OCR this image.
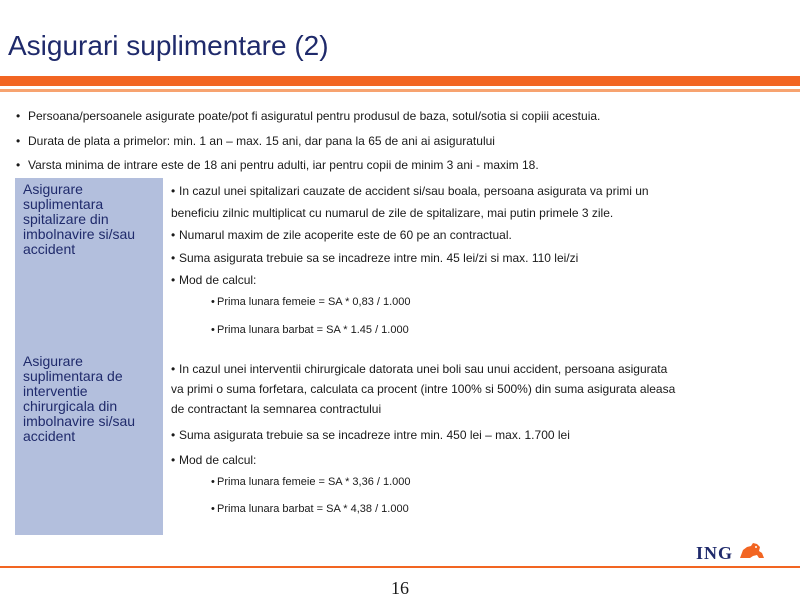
Asigurari suplimentare (2)
• Persoana/persoanele asigurate poate/pot fi asiguratul pentru produsul de baza, sotul/sotia si copiii acestuia.
• Durata de plata a primelor: min. 1 an – max. 15 ani, dar pana la 65 de ani ai asiguratului
• Varsta minima de intrare este de 18 ani pentru adulti, iar pentru copii de minim 3 ani - maxim 18.
Asigurare suplimentara spitalizare din imbolnavire si/sau accident
• In cazul unei spitalizari cauzate de accident si/sau boala, persoana asigurata va primi un
beneficiu zilnic multiplicat cu numarul de zile de spitalizare, mai putin primele 3 zile.
• Numarul maxim de zile acoperite este de 60 pe an contractual.
• Suma asigurata trebuie sa se incadreze intre min. 45 lei/zi si max. 110 lei/zi
• Mod de calcul:
• Prima lunara femeie = SA * 0,83 / 1.000
• Prima lunara barbat = SA * 1.45 / 1.000
Asigurare suplimentara de interventie chirurgicala din imbolnavire si/sau accident
• In cazul unei interventii chirurgicale datorata unei boli sau unui accident, persoana asigurata
va primi o suma forfetara, calculata ca procent (intre 100% si 500%) din suma asigurata aleasa
de contractant la semnarea contractului
• Suma asigurata trebuie sa se incadreze intre min. 450 lei – max. 1.700 lei
• Mod de calcul:
• Prima lunara femeie = SA * 3,36 / 1.000
• Prima lunara barbat = SA * 4,38 / 1.000
ING
16
